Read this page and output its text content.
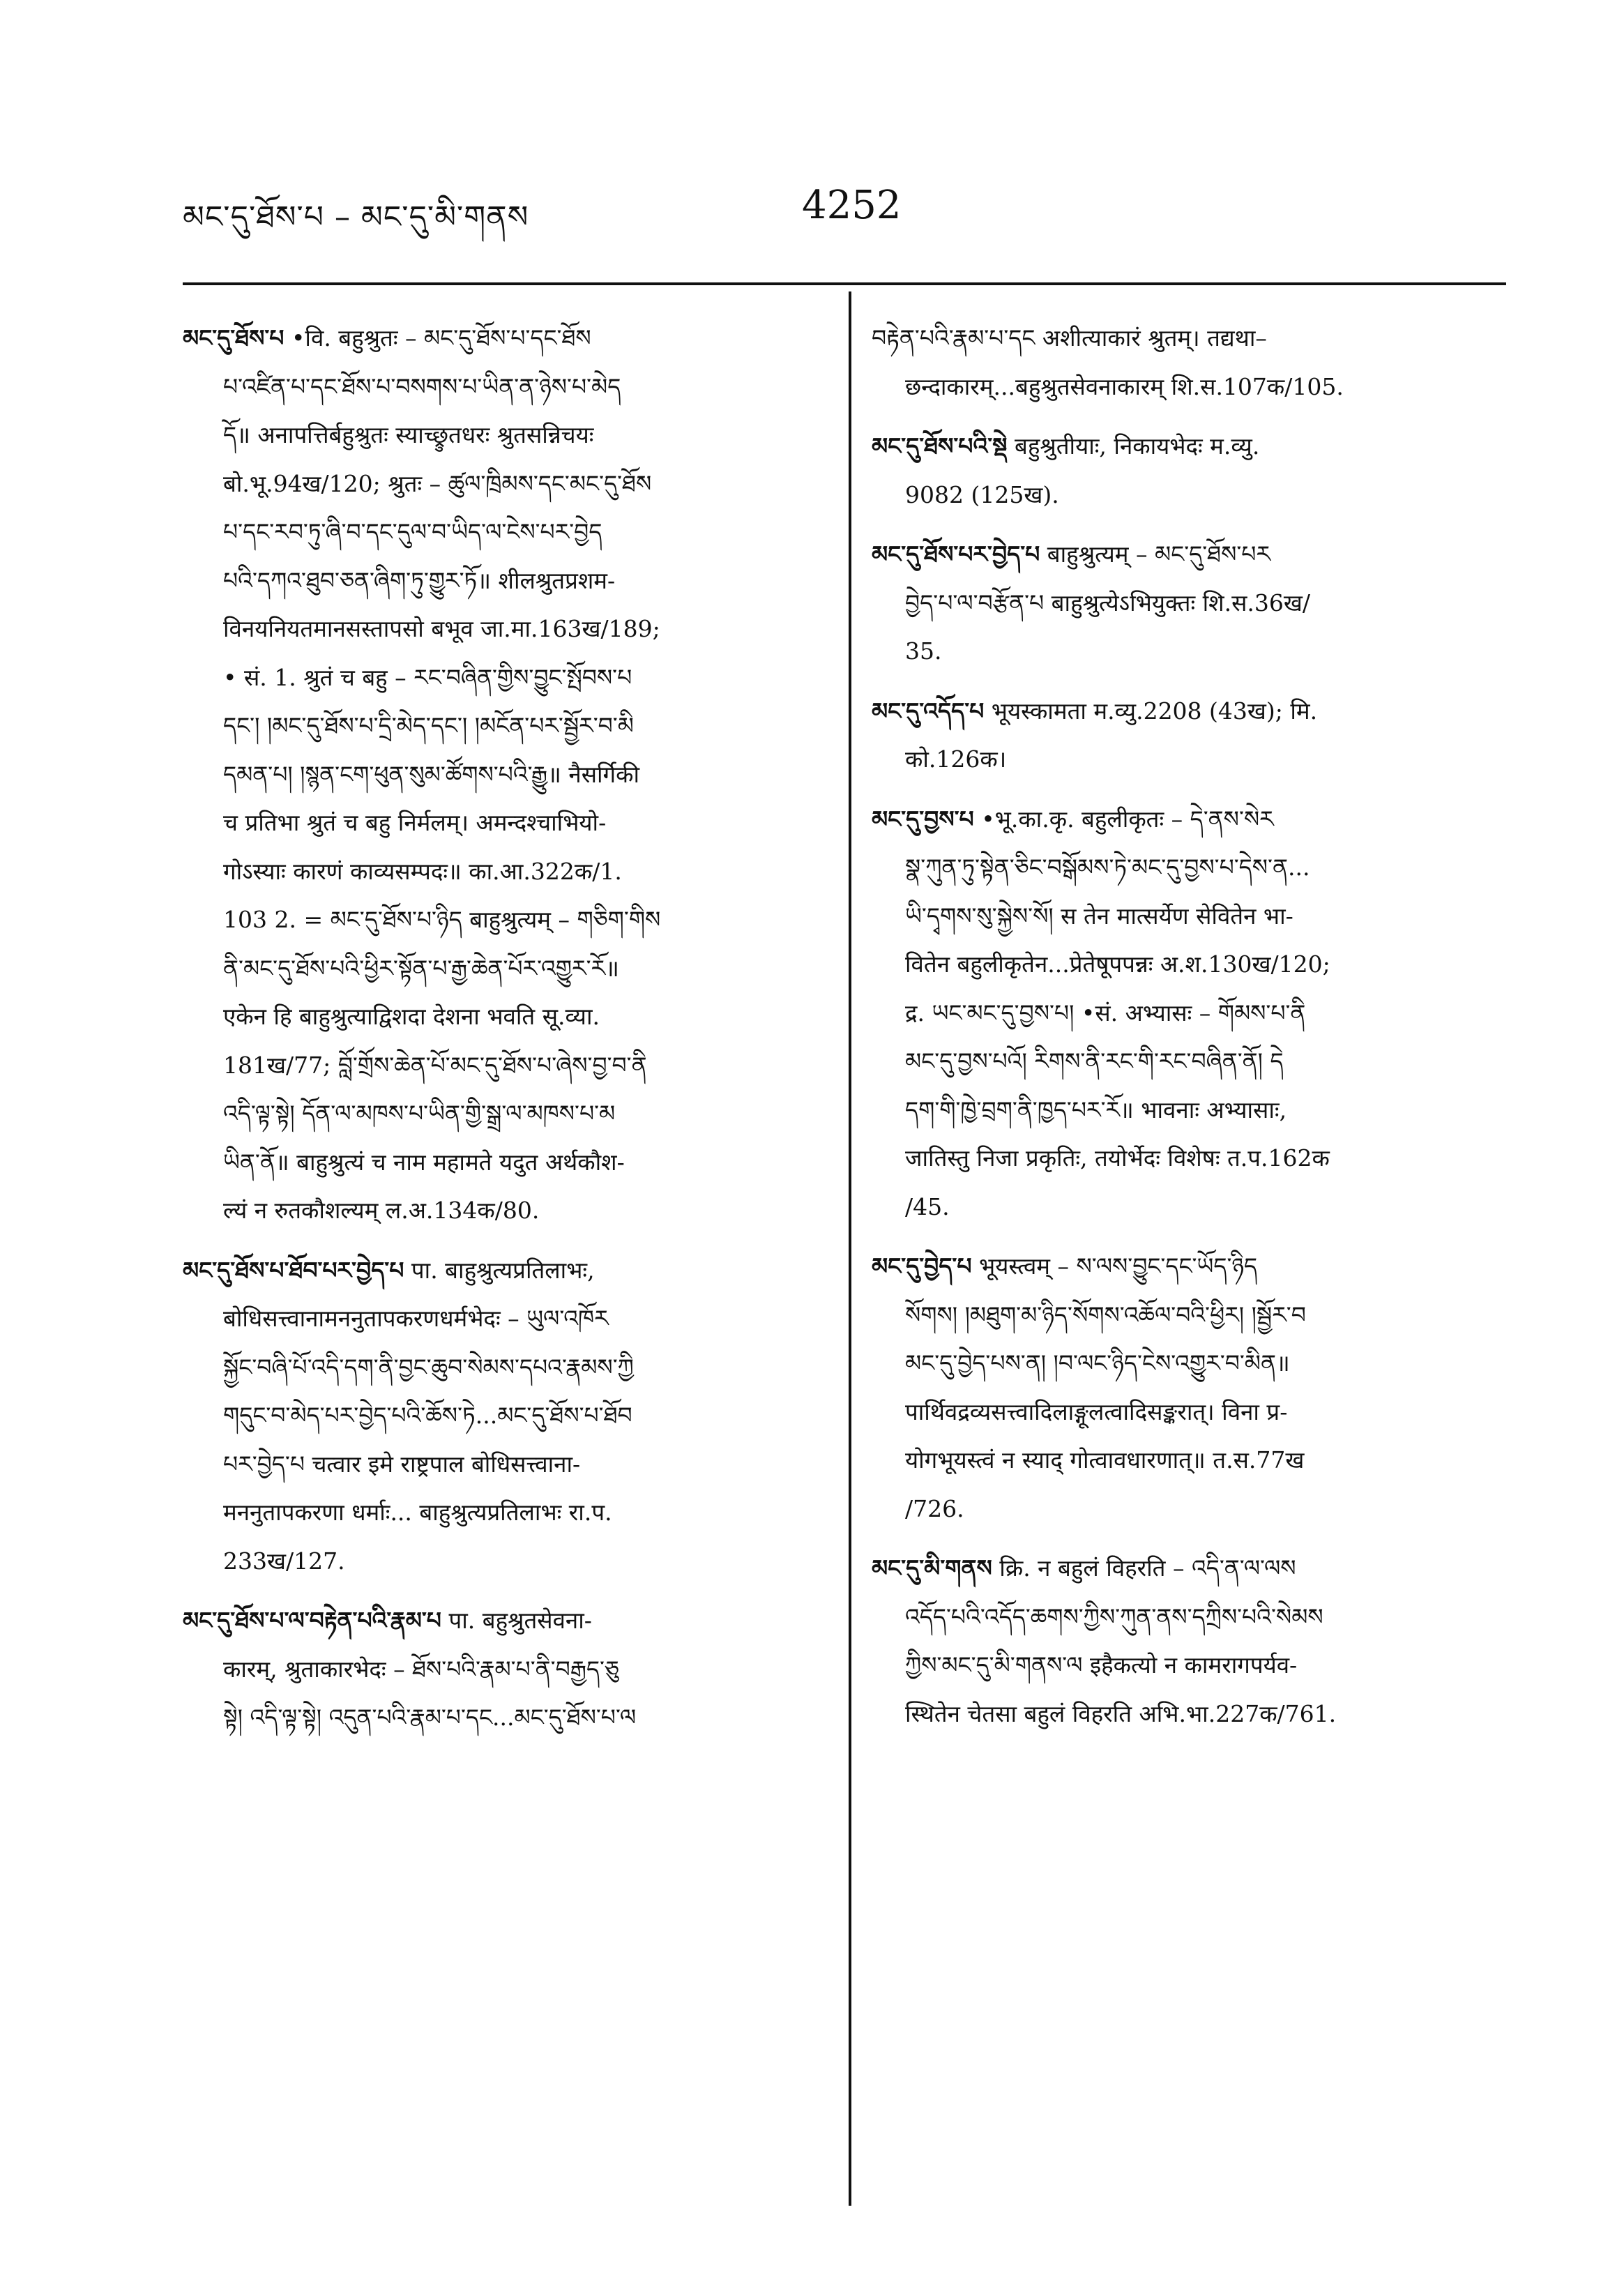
མང་དུ་ཐོས་པ – མང་དུ་མི་གནས	4252
མང་དུ་ཐོས་པ •वि. बहुश्रुतः – མང་དུ་ཐོས་པ་དང་ཐོས
པ་འཛིན་པ་དང་ཐོས་པ་བསགས་པ་ཡིན་ན་ཉེས་པ་མེད
དོ॥ अनापत्तिर्बहुश्रुतः स्याच्छ्रुतधरः श्रुतसन्निचयः
बो.भू.94ख/120; श्रुतः – ཚུལ་ཁྲིམས་དང་མང་དུ་ཐོས
པ་དང་རབ་ཏུ་ཞི་བ་དང་དུལ་བ་ཡིད་ལ་ངེས་པར་བྱེད
པའི་དཀའ་ཐུབ་ཅན་ཞིག་ཏུ་གྱུར་ཏོ॥ शीलश्रुतप्रशम-
विनयनियतमानसस्तापसो बभूव जा.मा.163ख/189;
• सं. 1. श्रुतं च बहु – རང་བཞིན་གྱིས་བྱུང་སྤོབས་པ
དང་། །མང་དུ་ཐོས་པ་དྲི་མེད་དང་། །མངོན་པར་སྦྱོར་བ་མི
དམན་པ། །སྙན་ངག་ཕུན་སུམ་ཚོགས་པའི་རྒྱུ॥ नैसर्गिकी
च प्रतिभा श्रुतं च बहु निर्मलम्। अमन्दश्चाभियो-
गोऽस्याः कारणं काव्यसम्पदः॥ का.आ.322क/1.
103 2. = མང་དུ་ཐོས་པ་ཉིད बाहुश्रुत्यम् – གཅིག་གིས
ནི་མང་དུ་ཐོས་པའི་ཕྱིར་སྟོན་པ་རྒྱ་ཆེན་པོར་འགྱུར་རོ॥
एकेन हि बाहुश्रुत्याद्विशदा देशना भवति सू.व्या.
181ख/77; བློ་གྲོས་ཆེན་པོ་མང་དུ་ཐོས་པ་ཞེས་བྱ་བ་ནི
འདི་ལྟ་སྟེ། དོན་ལ་མཁས་པ་ཡིན་གྱི་སྒྲ་ལ་མཁས་པ་མ
ཡིན་ནོ॥ बाहुश्रुत्यं च नाम महामते यदुत अर्थकौश-
ल्यं न रुतकौशल्यम् ल.अ.134क/80.
མང་དུ་ཐོས་པ་ཐོབ་པར་བྱེད་པ पा. बाहुश्रुत्यप्रतिलाभः,
बोधिसत्त्वानामननुतापकरणधर्मभेदः – ཡུལ་འཁོར
སྐྱོང་བཞི་པོ་འདི་དག་ནི་བྱང་ཆུབ་སེམས་དཔའ་རྣམས་ཀྱི
གདུང་བ་མེད་པར་བྱེད་པའི་ཆོས་ཏེ...མང་དུ་ཐོས་པ་ཐོབ
པར་བྱེད་པ चत्वार इमे राष्ट्रपाल बोधिसत्त्वाना-
मननुतापकरणा धर्माः... बाहुश्रुत्यप्रतिलाभः रा.प.
233ख/127.
མང་དུ་ཐོས་པ་ལ་བརྟེན་པའི་རྣམ་པ पा. बहुश्रुतसेवना-
कारम्, श्रुताकारभेदः – ཐོས་པའི་རྣམ་པ་ནི་བརྒྱད་ཅུ
སྟེ། འདི་ལྟ་སྟེ། འདུན་པའི་རྣམ་པ་དང...མང་དུ་ཐོས་པ་ལ
བརྟེན་པའི་རྣམ་པ་དང अशीत्याकारं श्रुतम्। तद्यथा–
छन्दाकारम्...बहुश्रुतसेवनाकारम् शि.स.107क/105.
མང་དུ་ཐོས་པའི་སྡེ बहुश्रुतीयाः, निकायभेदः म.व्यु.
9082 (125ख).
མང་དུ་ཐོས་པར་བྱེད་པ बाहुश्रुत्यम् – མང་དུ་ཐོས་པར
བྱེད་པ་ལ་བརྩོན་པ बाहुश्रुत्येऽभियुक्तः शि.स.36ख/
35.
མང་དུ་འདོད་པ भूयस्कामता म.व्यु.2208 (43ख); मि.
को.126क।
མང་དུ་བྱས་པ •भू.का.कृ. बहुलीकृतः – དེ་ནས་སེར
སྣ་ཀུན་ཏུ་སྟེན་ཅིང་བསྒོམས་ཏེ་མང་དུ་བྱས་པ་དེས་ན...
ཡི་དྭགས་སུ་སྐྱེས་སོ། स तेन मात्सर्येण सेवितेन भा-
वितेन बहुलीकृतेन...प्रेतेषूपपन्नः अ.श.130ख/120;
द्र. ཡང་མང་དུ་བྱས་པ། •सं. अभ्यासः – གོམས་པ་ནི
མང་དུ་བྱས་པའོ། རིགས་ནི་རང་གི་རང་བཞིན་ནོ། དེ
དག་གི་ཁྱེ་བྲག་ནི་ཁྱད་པར་རོ॥ भावनाः अभ्यासाः,
जातिस्तु निजा प्रकृतिः, तयोर्भेदः विशेषः त.प.162क
/45.
མང་དུ་བྱེད་པ भूयस्त्वम् – ས་ལས་བྱུང་དང་ཡོད་ཉིད
སོགས། །མཐུག་མ་ཉིད་སོགས་འཆོལ་བའི་ཕྱིར། །སྦྱོར་བ
མང་དུ་བྱེད་པས་ན། །བ་ལང་ཉིད་ངེས་འགྱུར་བ་མིན॥
पार्थिवद्रव्यसत्त्वादिलाङ्गूलत्वादिसङ्करात्। विना प्र-
योगभूयस्त्वं न स्याद् गोत्वावधारणात्॥ त.स.77ख
/726.
མང་དུ་མི་གནས क्रि. न बहुलं विहरति – འདི་ན་ལ་ལས
འདོད་པའི་འདོད་ཆགས་ཀྱིས་ཀུན་ནས་དཀྲིས་པའི་སེམས
ཀྱིས་མང་དུ་མི་གནས་ལ इहैकत्यो न कामरागपर्यव-
स्थितेन चेतसा बहुलं विहरति अभि.भा.227क/761.
